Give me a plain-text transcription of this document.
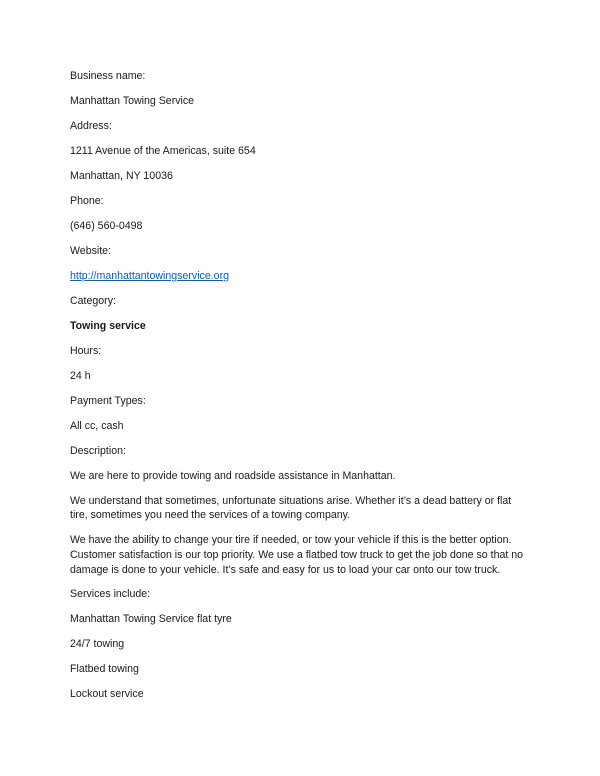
Business name:
Manhattan Towing Service
Address:
1211 Avenue of the Americas, suite 654
Manhattan, NY 10036
Phone:
(646) 560-0498
Website:
http://manhattantowingservice.org
Category:
Towing service
Hours:
24 h
Payment Types:
All cc, cash
Description:
We are here to provide towing and roadside assistance in Manhattan.
We understand that sometimes, unfortunate situations arise. Whether it’s a dead battery or flat tire, sometimes you need the services of a towing company.
We have the ability to change your tire if needed, or tow your vehicle if this is the better option. Customer satisfaction is our top priority. We use a flatbed tow truck to get the job done so that no damage is done to your vehicle. It’s safe and easy for us to load your car onto our tow truck.
Services include:
Manhattan Towing Service flat tyre
24/7 towing
Flatbed towing
Lockout service
